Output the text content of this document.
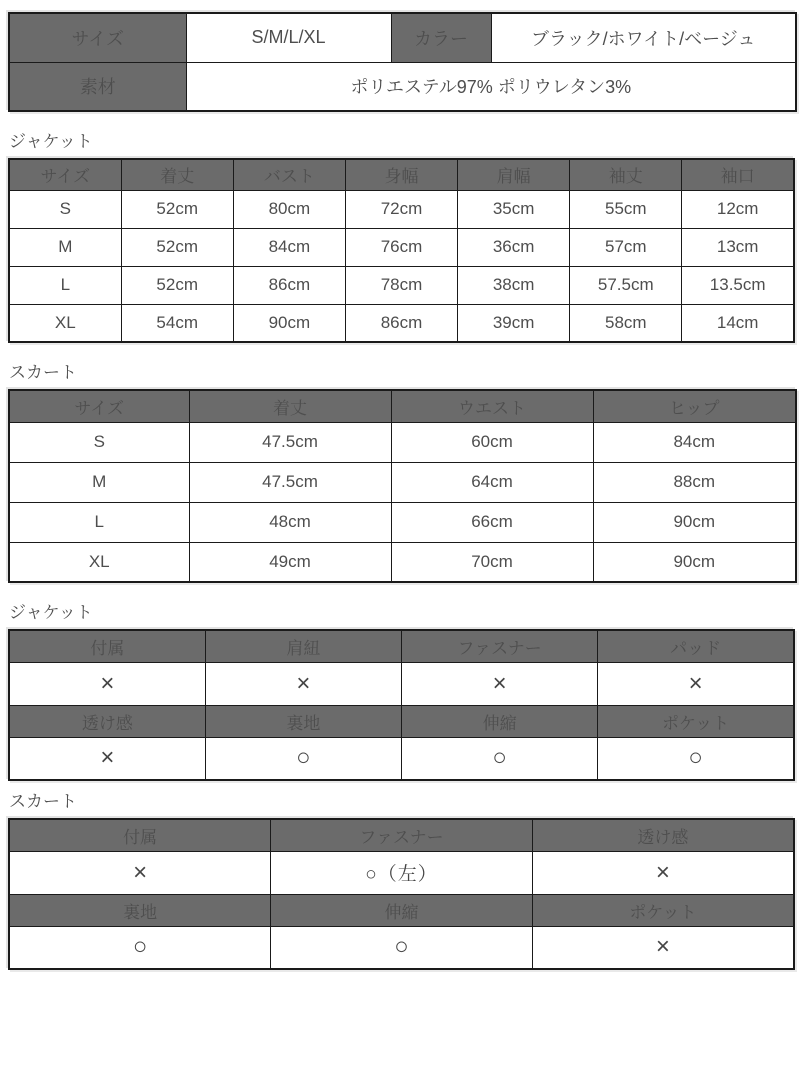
サイズ	S/M/L/XL	カラー	ブラック/ホワイト/ベージュ
素材	ポリエステル97% ポリウレタン3%		
ジャケット
サイズ	着丈	バスト	身幅	肩幅	袖丈	袖口
S	52cm	80cm	72cm	35cm	55cm	12cm
M	52cm	84cm	76cm	36cm	57cm	13cm
L	52cm	86cm	78cm	38cm	57.5cm	13.5cm
XL	54cm	90cm	86cm	39cm	58cm	14cm
スカート
サイズ	着丈	ウエスト	ヒップ
S	47.5cm	60cm	84cm
M	47.5cm	64cm	88cm
L	48cm	66cm	90cm
XL	49cm	70cm	90cm
ジャケット
付属	肩紐	ファスナー	パッド
×	×	×	×
透け感	裏地	伸縮	ポケット
×	○	○	○
スカート
付属	ファスナー	透け感
×	○（左）	×
裏地	伸縮	ポケット
○	○	×
